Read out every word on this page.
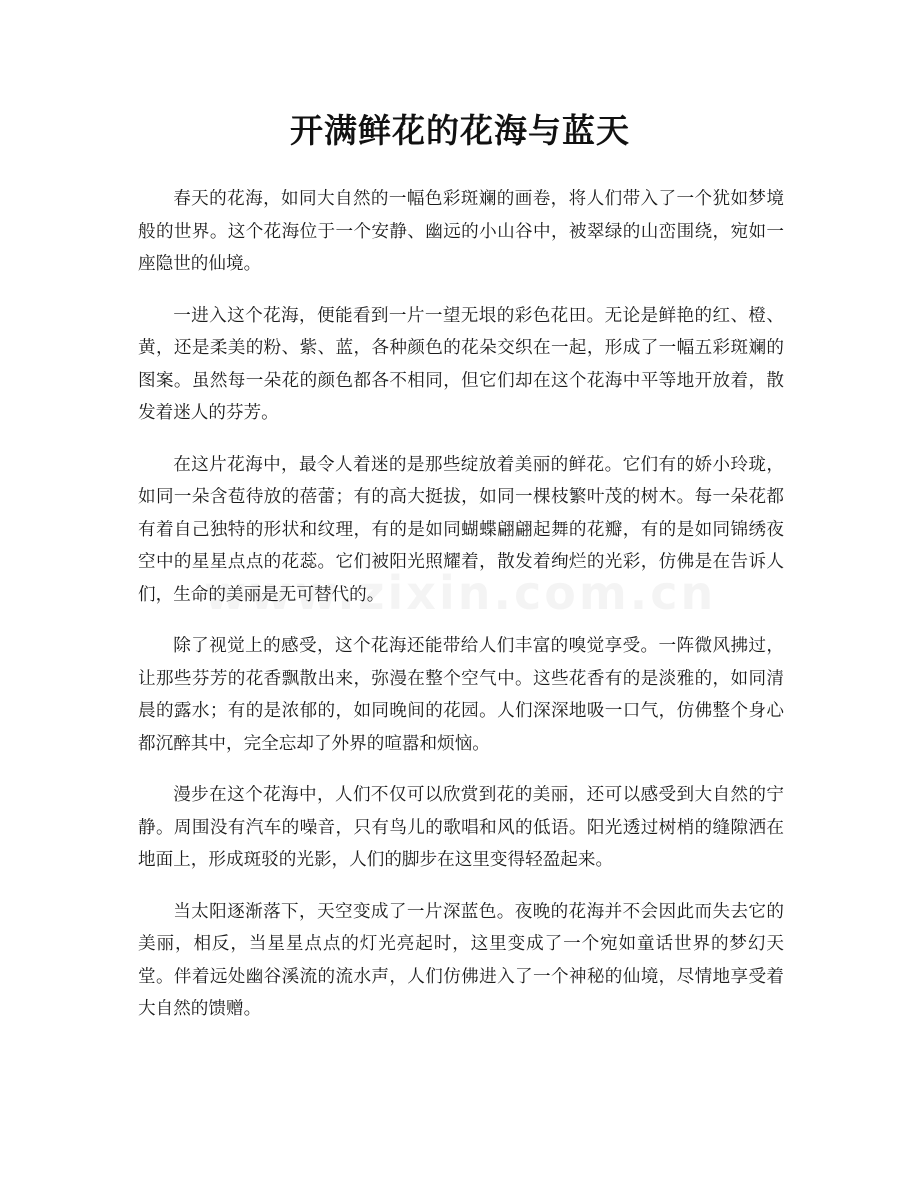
开满鲜花的花海与蓝天

春天的花海，如同大自然的一幅色彩斑斓的画卷，将人们带入了一个犹如梦境般的世界。这个花海位于一个安静、幽远的小山谷中，被翠绿的山峦围绕，宛如一座隐世的仙境。

一进入这个花海，便能看到一片一望无垠的彩色花田。无论是鲜艳的红、橙、黄，还是柔美的粉、紫、蓝，各种颜色的花朵交织在一起，形成了一幅五彩斑斓的图案。虽然每一朵花的颜色都各不相同，但它们却在这个花海中平等地开放着，散发着迷人的芬芳。

在这片花海中，最令人着迷的是那些绽放着美丽的鲜花。它们有的娇小玲珑，如同一朵含苞待放的蓓蕾；有的高大挺拔，如同一棵枝繁叶茂的树木。每一朵花都有着自己独特的形状和纹理，有的是如同蝴蝶翩翩起舞的花瓣，有的是如同锦绣夜空中的星星点点的花蕊。它们被阳光照耀着，散发着绚烂的光彩，仿佛是在告诉人们，生命的美丽是无可替代的。

除了视觉上的感受，这个花海还能带给人们丰富的嗅觉享受。一阵微风拂过，让那些芬芳的花香飘散出来，弥漫在整个空气中。这些花香有的是淡雅的，如同清晨的露水；有的是浓郁的，如同晚间的花园。人们深深地吸一口气，仿佛整个身心都沉醉其中，完全忘却了外界的喧嚣和烦恼。

漫步在这个花海中，人们不仅可以欣赏到花的美丽，还可以感受到大自然的宁静。周围没有汽车的噪音，只有鸟儿的歌唱和风的低语。阳光透过树梢的缝隙洒在地面上，形成斑驳的光影，人们的脚步在这里变得轻盈起来。

当太阳逐渐落下，天空变成了一片深蓝色。夜晚的花海并不会因此而失去它的美丽，相反，当星星点点的灯光亮起时，这里变成了一个宛如童话世界的梦幻天堂。伴着远处幽谷溪流的流水声，人们仿佛进入了一个神秘的仙境，尽情地享受着大自然的馈赠。
